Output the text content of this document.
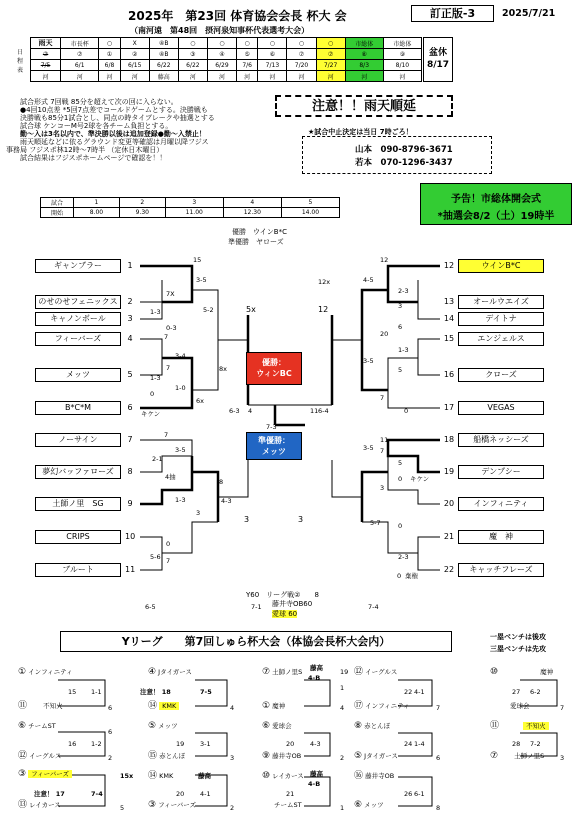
2025年　第23回 体育協会会長 杯大 会	訂正版-3	2025/7/21
（南河遠　第48回　摂河泉知事杯代表選考大会）
日程表
雨天	市長杯	○	X	④B	○	○	○	○	○	○	市総体	市総体
⑦	⑦	①	②	④B	③	④	⑤	⑥	⑦	⑦	⑧	⑨
7/5	6/1	6/8	6/15	6/22	6/22	6/29	7/6	7/13	7/20	7/27	8/3	8/10
河	河	河	河	藤高	河	河	河	河	河	河	河	河
盆休
8/17
試合形式 7回戦 85分を超えて次の回に入らない。
●4回10点差 *5回7点差でコールドゲームとする。決勝戦も
決勝戦も85分1試合とし、同点の時タイブレークや抽選とする
試合球 ケンコーM号2球を各チーム負担とする。
勤〜入は3名以内で、準決勝以後は追加登録●勤〜入禁止！
雨天順延などに依るグラウンド変更等確認は月曜以降フジス
事務局 フジスポ林12時〜7時半 （定休日木曜日）
試合結果はフジスポホームページで確認を！！
注意！！雨天順延
★試合中止決定は当日 7時ごろ！
山本　 090-8796-3671
若本　 070-1296-3437
予告！市総体開会式
*抽選会8/2（土）19時半
試合	1	2	3	4	5
開始	8.00	9.30	11.00	12.30	14.00
1
ギャンブラー
2
のせのせフェニックス
3
キャノンボール
4
フィーバーズ
5
メッツ
6
B*C*M
7
ノーサイン
8
夢幻バッファローズ
9
土師ノ里　SG
10
CRIPS
11
ブルート
12	ウインB*C
13	オールウエイズ
14	デイトナ
15	エンジェルス
16	クローズ
17	VEGAS
18	船橋ネッシーズ
19	デンプシー
20	インフィニティ
21	魔　神
22	キャッチフレーズ
15
3-5
7X
1-3
0-3
5-2
7
3-4
8x
1-3
0
7
1-0
キケン
6x
7
3-5
4抽
2-1
1-3
8
4-3
0
3
5-6 7
12
4-5
12x
3
2-3
6
20
1-3
3-5
5
7
3-5
0
11
7
5
0 キケン
3
5-7	0
2-3
0 棄権
優勝　 ウインB*C
準優勝　 ヤローズ
5x	12
優勝：
ウィンBC
6-3 4	11 6-4
7-3
準優勝：
メッツ
3	3
Y60　リーグ戦②　　 8
6-5	7-1 藤井寺OB60
愛球 60
7-4
Yリーグ　　第7回しゅら杯大会（体協会長杯大会内）	一塁ベンチは後攻
三塁ベンチは先攻
① インフィニティ
⑪ 不知火
⑥ チームST
⑫ イーグルス
③ フィーバーズ
⑬ レイカース
15 1-1
6
6
16 1-2
2
注意！ 17	7-4
15x
5
④ Jタイガース
⑭ KMK
⑤ メッツ
⑮ 赤とんぼ
⑭ KMK
③ フィーバーズ
注意！ 18	7-5
4
19 3-1
3
藤高
20 4-1
2
⑦ 土師ノ里S
① 魔神
⑥ 愛球会
⑨ 藤井寺OB
⑩ レイカース
チームST
藤高
4-B
19
1
20
4
4-3
2
藤高
4-B
21
1
⑫ イーグルス
⑰ インフィニティ
⑧ 赤とんぼ
⑤ Jタイガース
⑯ 藤井寺OB
⑥ メッツ
22 4-1
24 1-4
26 6-1
7
6
8
⑩	魔神
愛球会
⑪	不知火
⑦ 土師ノ里S
27 6-2
7
28 7-2
3
